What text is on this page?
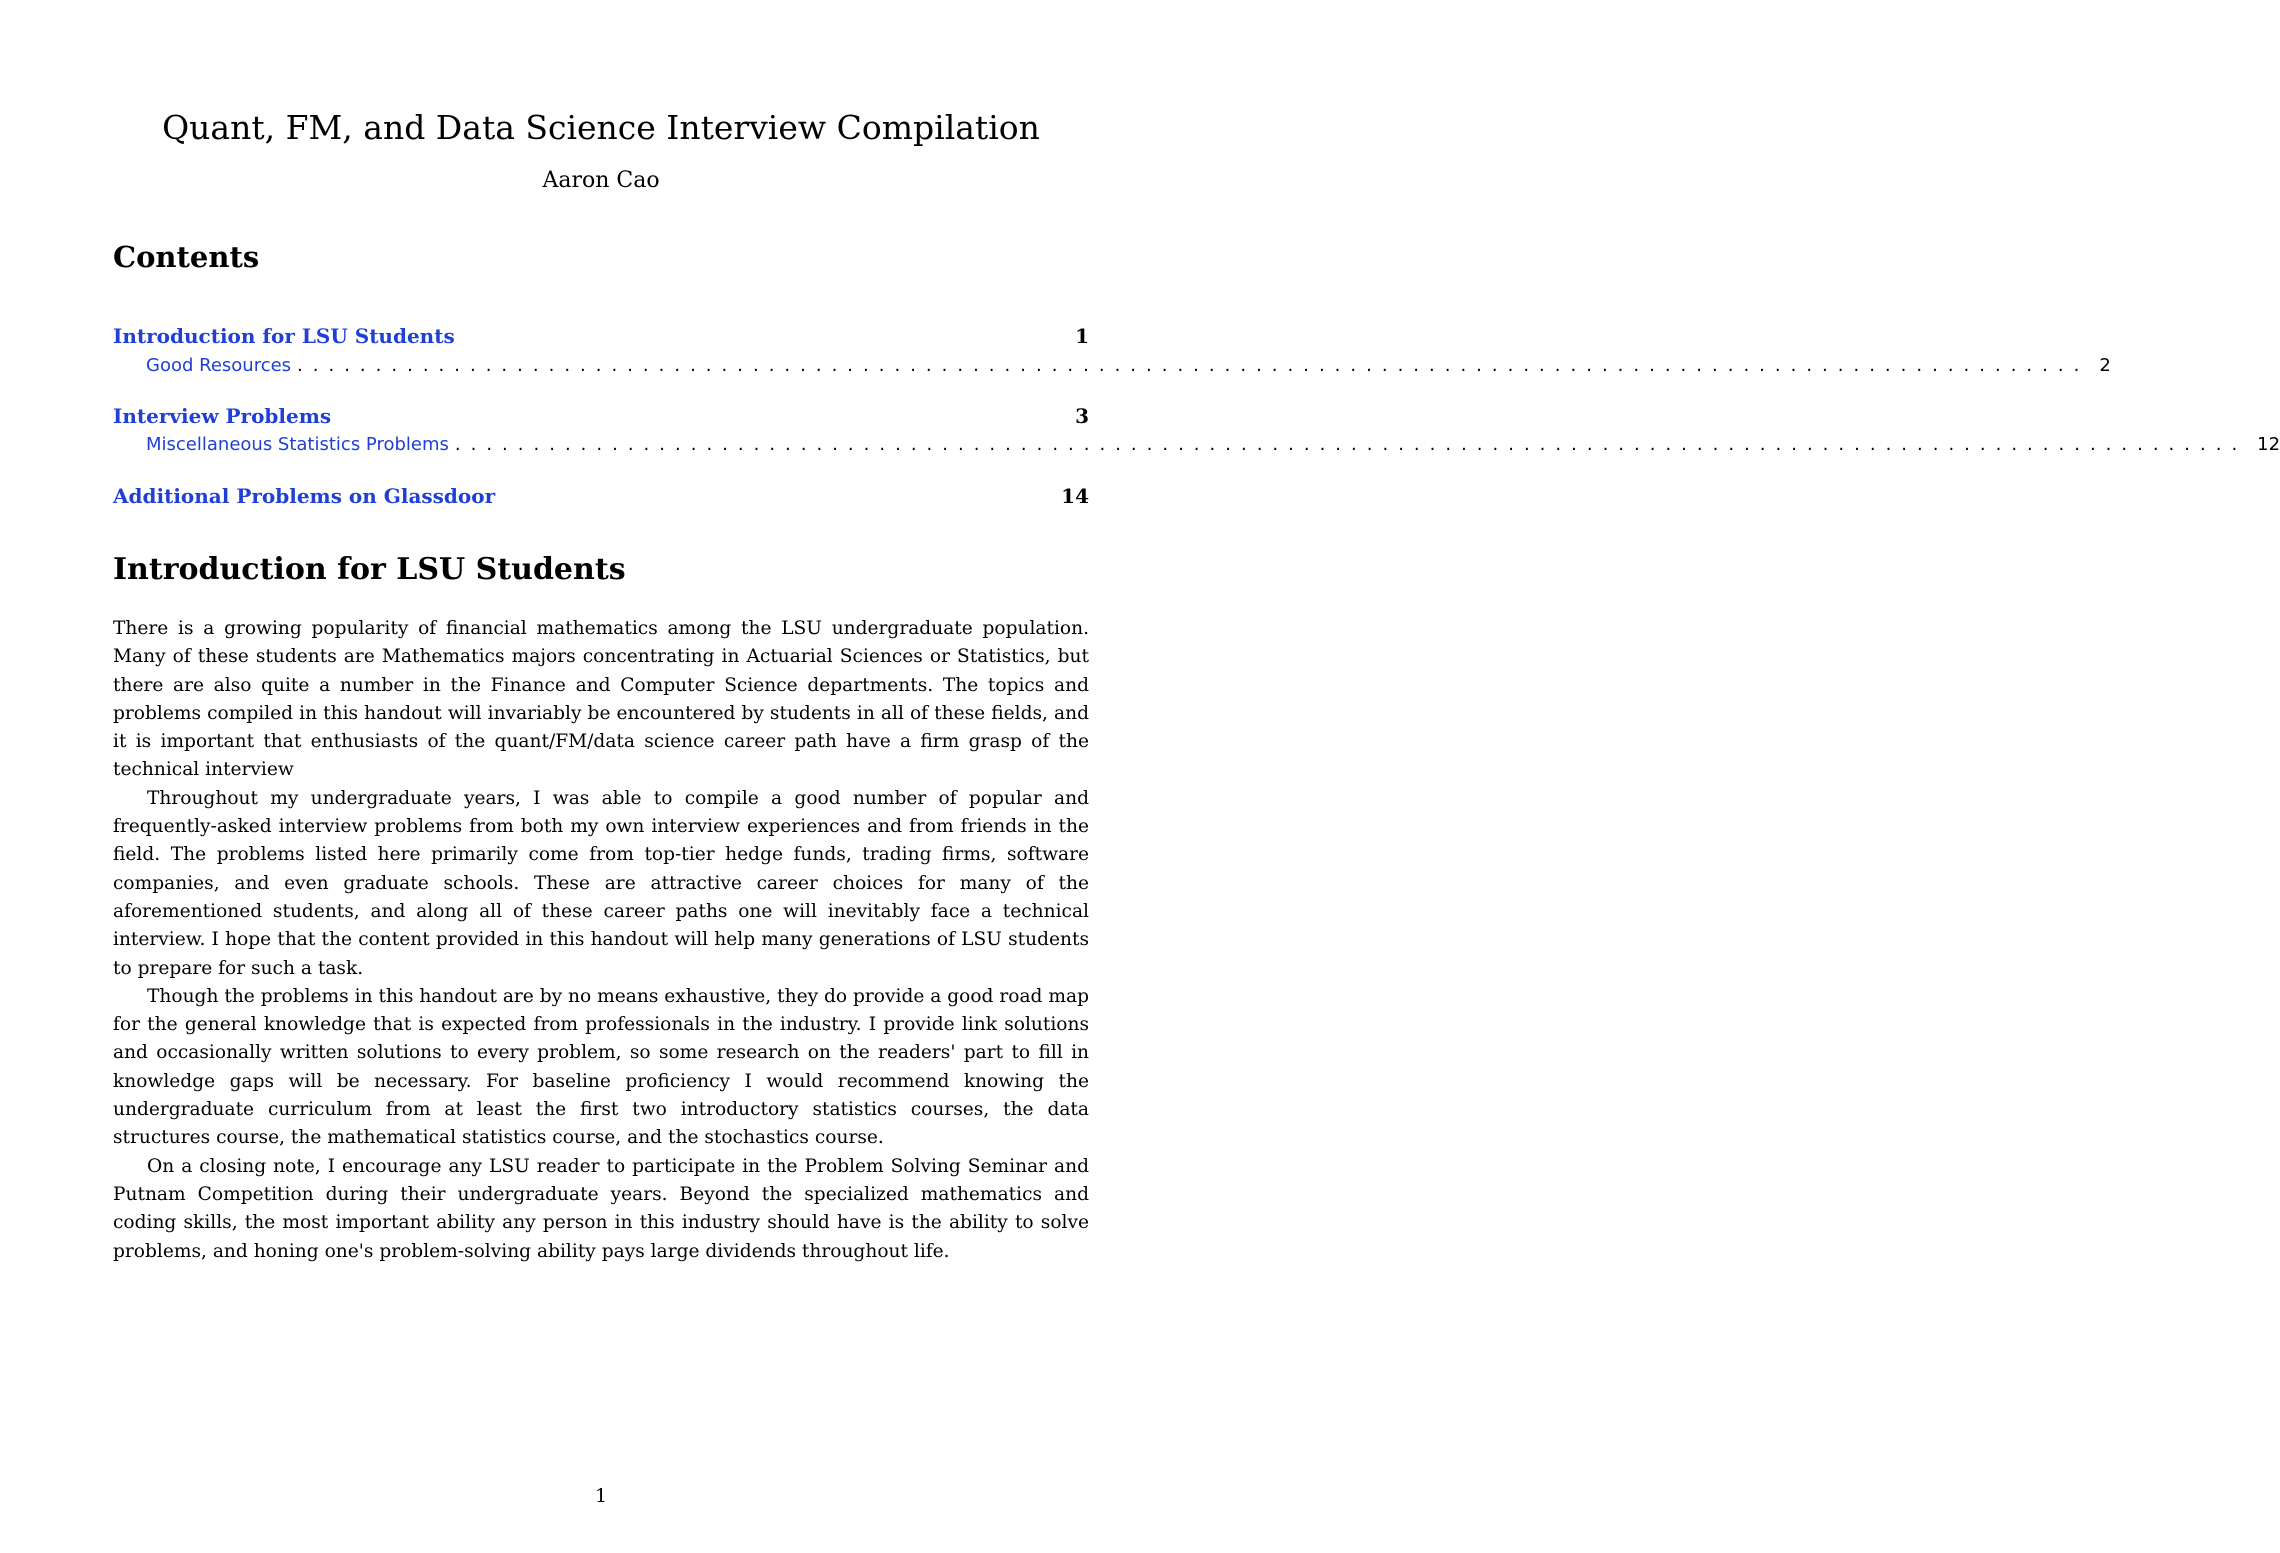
Quant, FM, and Data Science Interview Compilation
Aaron Cao
Contents
Introduction for LSU Students	1
Good Resources .................................................................................................................. 2
Interview Problems	3
Miscellaneous Statistics Problems .................................................................................................................. 12
Additional Problems on Glassdoor	14
Introduction for LSU Students

There is a growing popularity of financial mathematics among the LSU undergraduate population. Many of these students are Mathematics majors concentrating in Actuarial Sciences or Statistics, but there are also quite a number in the Finance and Computer Science departments. The topics and problems compiled in this handout will invariably be encountered by students in all of these fields, and it is important that enthusiasts of the quant/FM/data science career path have a firm grasp of the technical interview

Throughout my undergraduate years, I was able to compile a good number of popular and frequently-asked interview problems from both my own interview experiences and from friends in the field. The problems listed here primarily come from top-tier hedge funds, trading firms, software companies, and even graduate schools. These are attractive career choices for many of the aforementioned students, and along all of these career paths one will inevitably face a technical interview. I hope that the content provided in this handout will help many generations of LSU students to prepare for such a task.

Though the problems in this handout are by no means exhaustive, they do provide a good road map for the general knowledge that is expected from professionals in the industry. I provide link solutions and occasionally written solutions to every problem, so some research on the readers' part to fill in knowledge gaps will be necessary. For baseline proficiency I would recommend knowing the undergraduate curriculum from at least the first two introductory statistics courses, the data structures course, the mathematical statistics course, and the stochastics course.

On a closing note, I encourage any LSU reader to participate in the Problem Solving Seminar and Putnam Competition during their undergraduate years. Beyond the specialized mathematics and coding skills, the most important ability any person in this industry should have is the ability to solve problems, and honing one's problem-solving ability pays large dividends throughout life.

1
